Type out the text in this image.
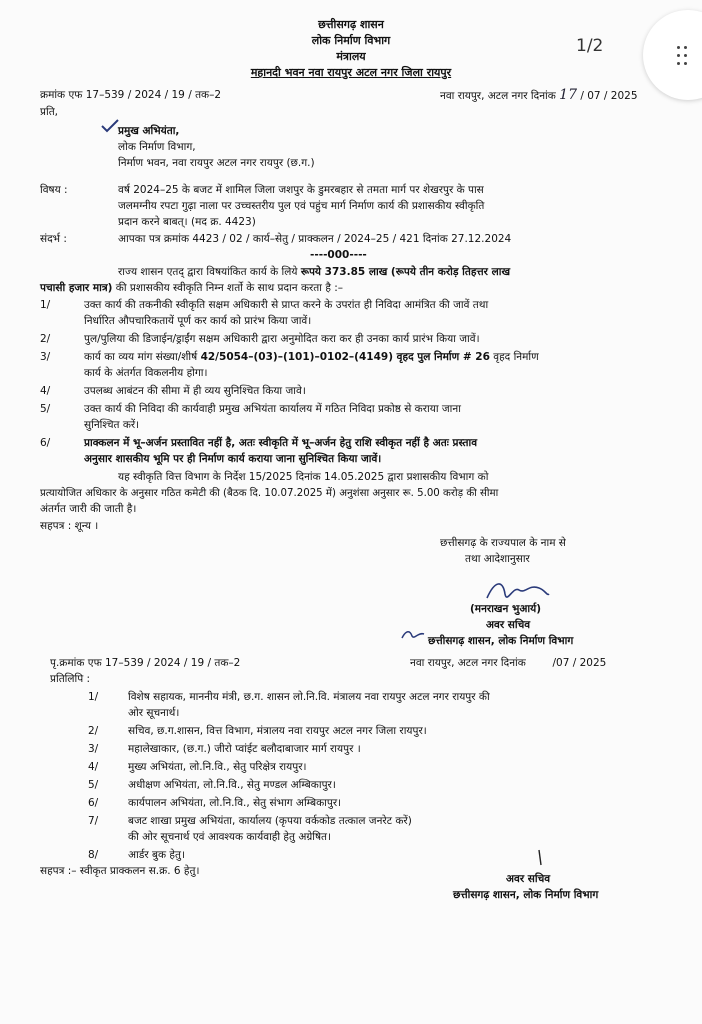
1/2

छत्तीसगढ़ शासन
लोक निर्माण विभाग
मंत्रालय
महानदी भवन नवा रायपुर अटल नगर जिला रायपुर
क्रमांक एफ 17–539 / 2024 / 19 / तक–2	नवा रायपुर, अटल नगर दिनांक 17 / 07 / 2025
प्रति,
प्रमुख अभियंता,
लोक निर्माण विभाग,
निर्माण भवन, नवा रायपुर अटल नगर रायपुर (छ.ग.)
विषय :	वर्ष 2024–25 के बजट में शामिल जिला जशपुर के डुमरबहार से तमता मार्ग पर शेखरपुर के पास
जलमग्नीय रपटा गुढ़ा नाला पर उच्चस्तरीय पुल एवं पहुंच मार्ग निर्माण कार्य की प्रशासकीय स्वीकृति
प्रदान करने बाबत्। (मद क्र. 4423)
संदर्भ :	आपका पत्र क्रमांक 4423 / 02 / कार्य–सेतु / प्राक्कलन / 2024–25 / 421 दिनांक 27.12.2024
----000----
राज्य शासन एतद् द्वारा विषयांकित कार्य के लिये रूपये 373.85 लाख (रूपये तीन करोड़ तिहत्तर लाख
पचासी हजार मात्र) की प्रशासकीय स्वीकृति निम्न शर्तो के साथ प्रदान करता है :–
1/	उक्त कार्य की तकनीकी स्वीकृति सक्षम अधिकारी से प्राप्त करने के उपरांत ही निविदा आमंत्रित की जावें तथा
निर्धारित औपचारिकतायें पूर्ण कर कार्य को प्रारंभ किया जावें।
2/	पुल/पुलिया की डिजाईन/ड्राईंग सक्षम अधिकारी द्वारा अनुमोदित करा कर ही उनका कार्य प्रारंभ किया जावें।
3/	कार्य का व्यय मांग संख्या/शीर्ष 42/5054–(03)–(101)–0102–(4149) वृहद पुल निर्माण # 26 वृहद निर्माण
कार्य के अंतर्गत विकलनीय होगा।
4/	उपलब्ध आबंटन की सीमा में ही व्यय सुनिश्चित किया जावे।
5/	उक्त कार्य की निविदा की कार्यवाही प्रमुख अभियंता कार्यालय में गठित निविदा प्रकोष्ठ से कराया जाना
सुनिश्चित करें।
6/	प्राक्कलन में भू–अर्जन प्रस्तावित नहीं है, अतः स्वीकृति में भू–अर्जन हेतु राशि स्वीकृत नहीं है अतः प्रस्ताव
अनुसार शासकीय भूमि पर ही निर्माण कार्य कराया जाना सुनिश्चित किया जावें।
यह स्वीकृति वित्त विभाग के निर्देश 15/2025 दिनांक 14.05.2025 द्वारा प्रशासकीय विभाग को
प्रत्यायोजित अधिकार के अनुसार गठित कमेटी की (बैठक दि. 10.07.2025 में) अनुशंसा अनुसार रू. 5.00 करोड़ की सीमा
अंतर्गत जारी की जाती है।
सहपत्र : शून्य ।
छत्तीसगढ़ के राज्यपाल के नाम से
तथा आदेशानुसार
(मनराखन भुआर्य)
अवर सचिव
छत्तीसगढ़ शासन, लोक निर्माण विभाग
पृ.क्रमांक एफ 17–539 / 2024 / 19 / तक–2	नवा रायपुर, अटल नगर दिनांक	/07 / 2025
प्रतिलिपि :
1/	विशेष सहायक, माननीय मंत्री, छ.ग. शासन लो.नि.वि. मंत्रालय नवा रायपुर अटल नगर रायपुर की
ओर सूचनार्थ।
2/	सचिव, छ.ग.शासन, वित्त विभाग, मंत्रालय नवा रायपुर अटल नगर जिला रायपुर।
3/	महालेखाकार, (छ.ग.) जीरो प्वांईट बलौदाबाजार मार्ग रायपुर ।
4/	मुख्य अभियंता, लो.नि.वि., सेतु परिक्षेत्र रायपुर।
5/	अधीक्षण अभियंता, लो.नि.वि., सेतु मण्डल अम्बिकापुर।
6/	कार्यपालन अभियंता, लो.नि.वि., सेतु संभाग अम्बिकापुर।
7/	बजट शाखा प्रमुख अभियंता, कार्यालय (कृपया वर्ककोड तत्काल जनरेट करें)
की ओर सूचनार्थ एवं आवश्यक कार्यवाही हेतु अग्रेषित।
8/	आर्डर बुक हेतु।
सहपत्र :– स्वीकृत प्राक्कलन स.क्र. 6 हेतु।
अवर सचिव
छत्तीसगढ़ शासन, लोक निर्माण विभाग
